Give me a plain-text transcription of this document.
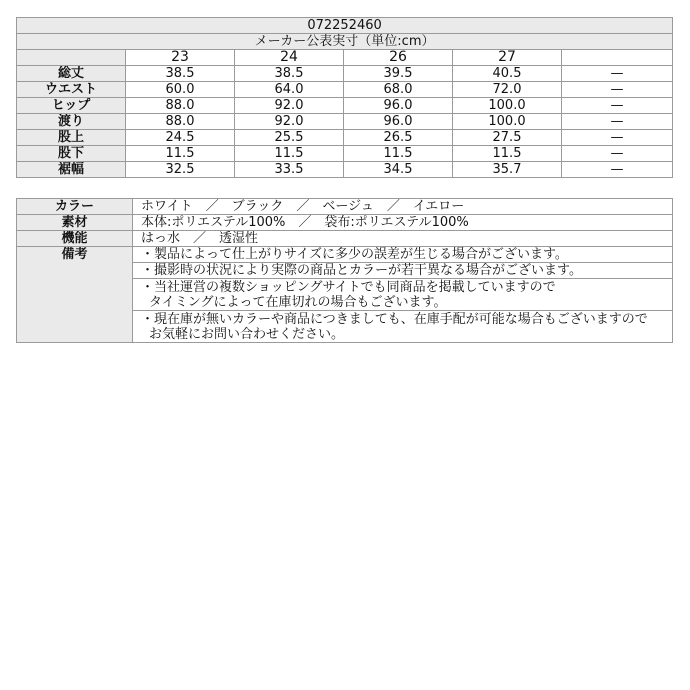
072252460					
メーカー公表実寸（単位:cm）					
	23	24	26	27	
総丈	38.5	38.5	39.5	40.5	—
ウエスト	60.0	64.0	68.0	72.0	—
ヒップ	88.0	92.0	96.0	100.0	—
渡り	88.0	92.0	96.0	100.0	—
股上	24.5	25.5	26.5	27.5	—
股下	11.5	11.5	11.5	11.5	—
裾幅	32.5	33.5	34.5	35.7	—
カラー	ホワイト　／　ブラック　／　ベージュ　／　イエロー
素材	本体:ポリエステル100%　／　袋布:ポリエステル100%
機能	はっ水　／　透湿性
備考	・製品によって仕上がりサイズに多少の誤差が生じる場合がございます。

	・撮影時の状況により実際の商品とカラーが若干異なる場合がございます。

	・当社運営の複数ショッピングサイトでも同商品を掲載していますので
タイミングによって在庫切れの場合もございます。

	・現在庫が無いカラーや商品につきましても、在庫手配が可能な場合もございますので
お気軽にお問い合わせください。
